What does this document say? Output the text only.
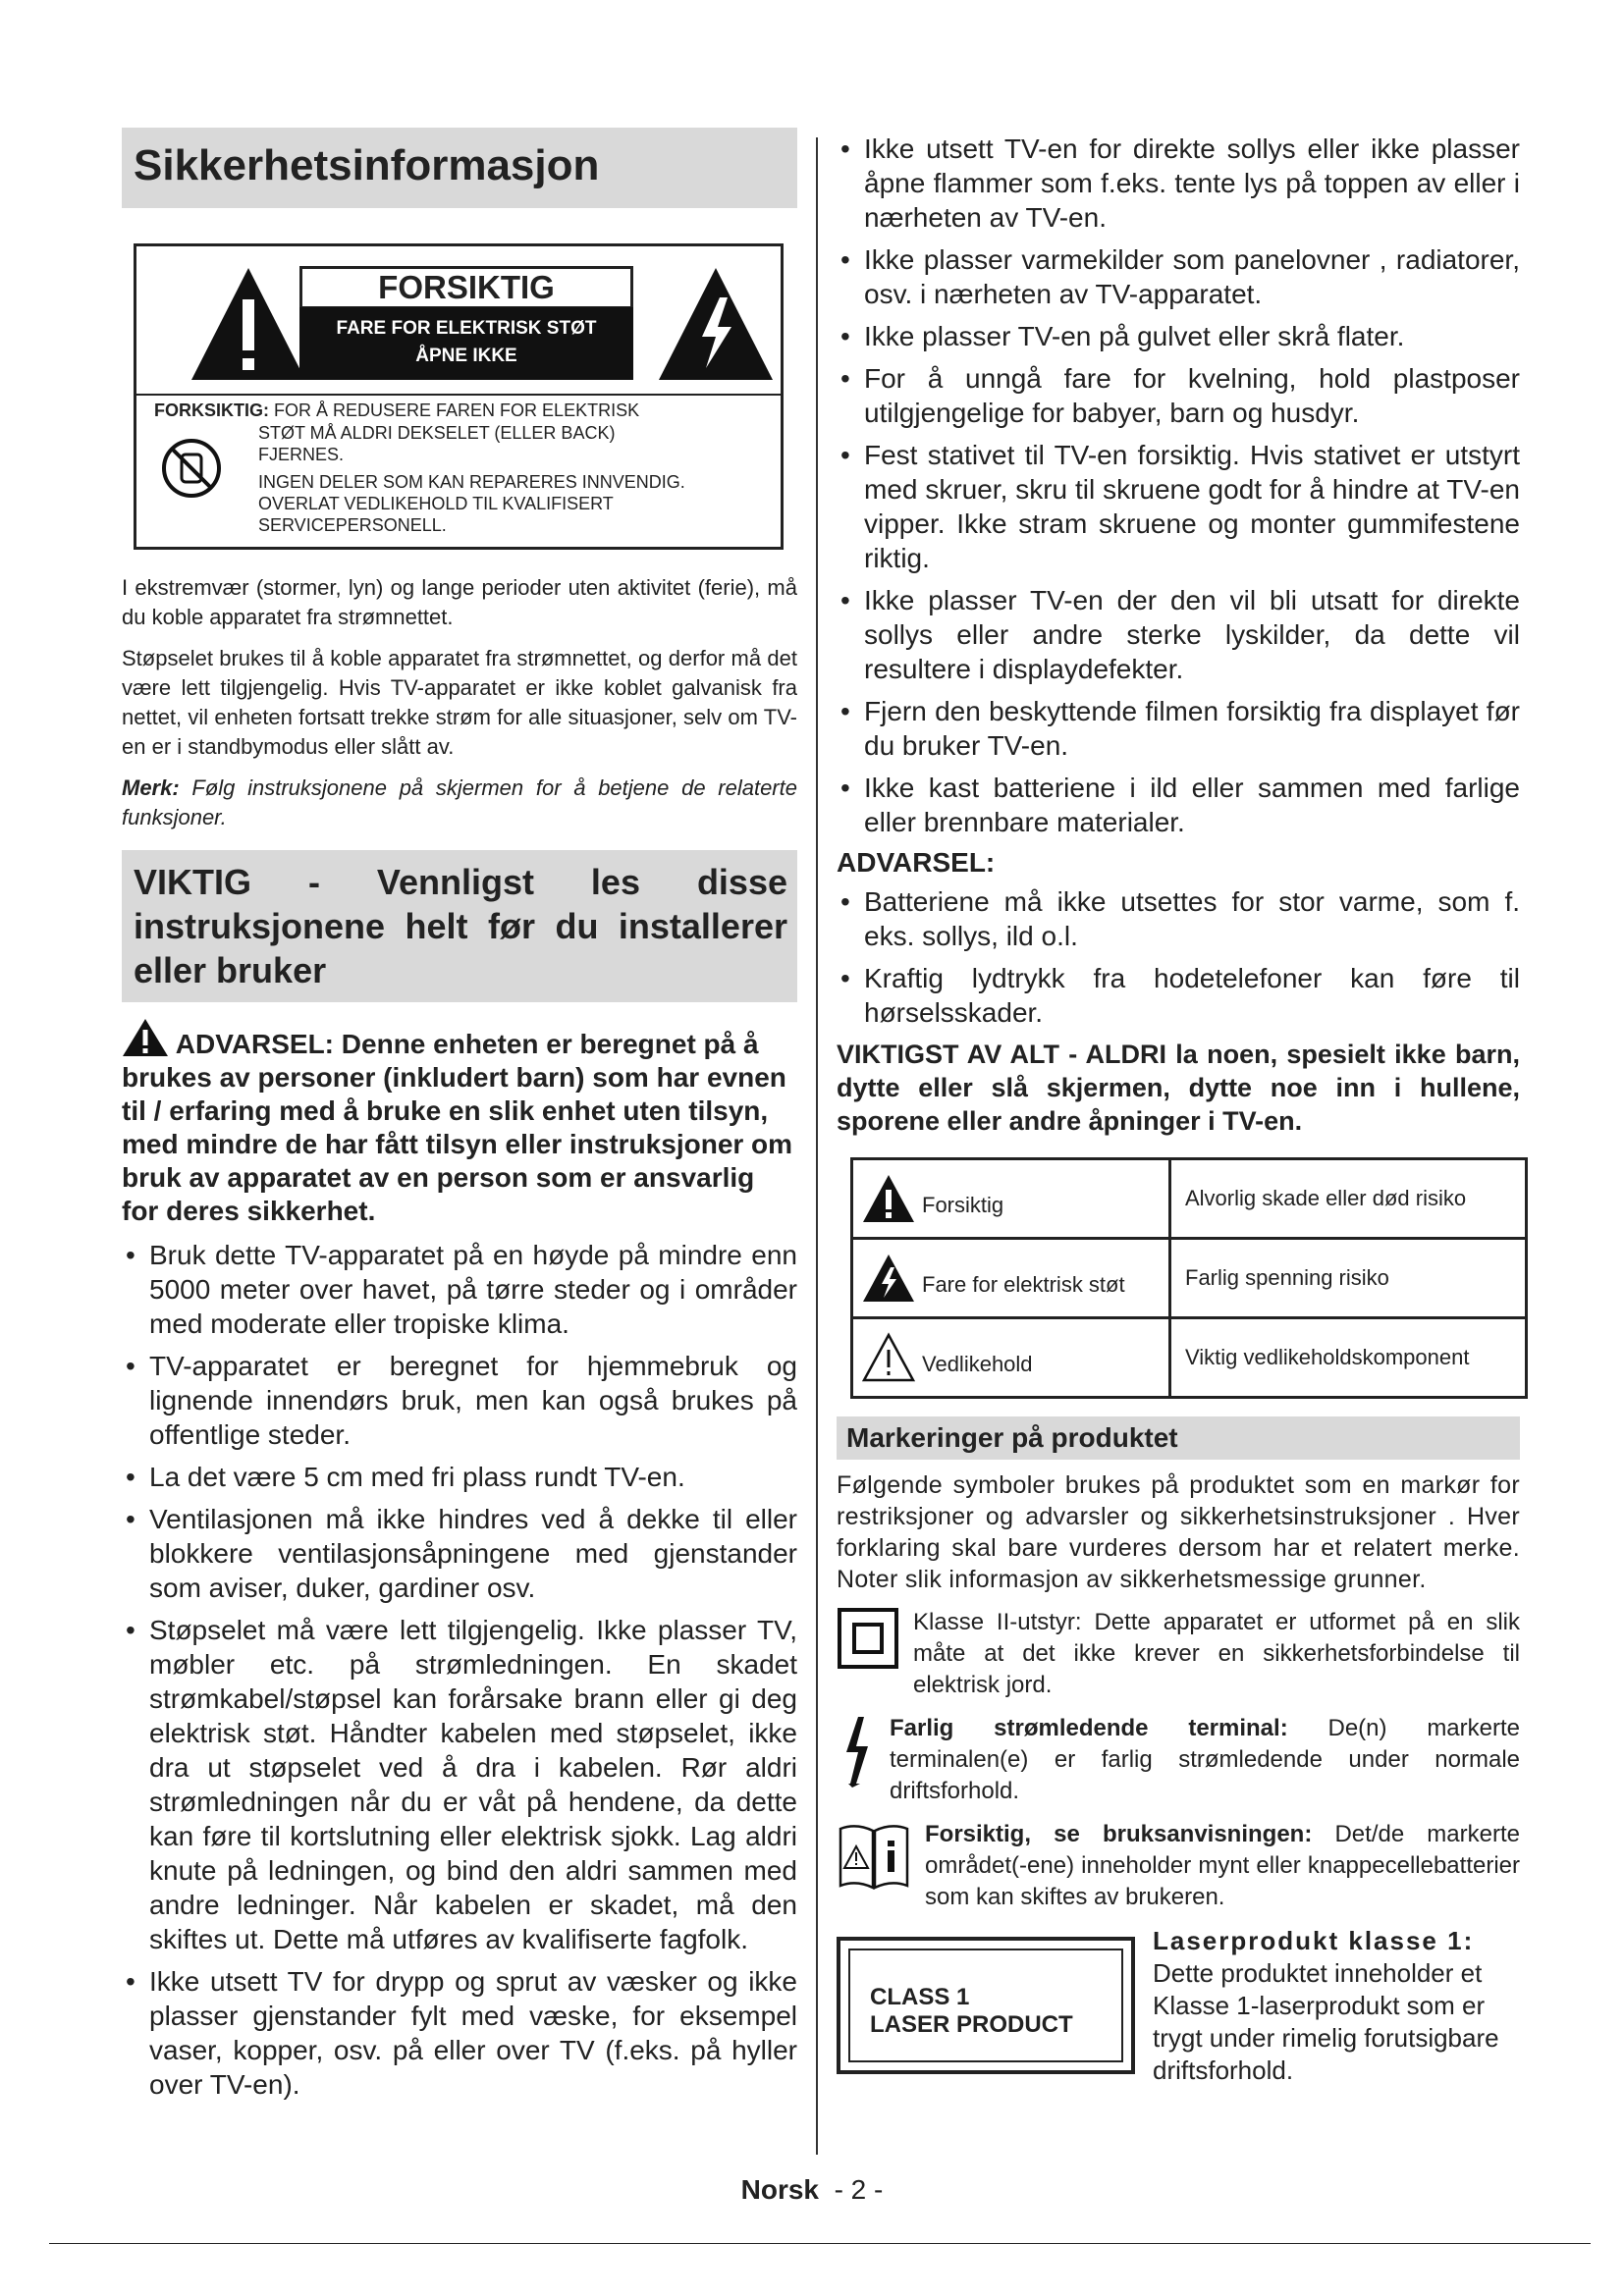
Sikkerhetsinformasjon
FORSIKTIG
FARE FOR ELEKTRISK STØT
ÅPNE IKKE
FORKSIKTIG: FOR Å REDUSERE FAREN FOR ELEKTRISK
STØT MÅ ALDRI DEKSELET (ELLER BACK)
FJERNES.
INGEN DELER SOM KAN REPARERES INNVENDIG.
OVERLAT VEDLIKEHOLD TIL KVALIFISERT
SERVICEPERSONELL.

I ekstremvær (stormer, lyn) og lange perioder uten aktivitet (ferie), må du koble apparatet fra strømnettet.

Støpselet brukes til å koble apparatet fra strømnettet, og derfor må det være lett tilgjengelig. Hvis TV-apparatet er ikke koblet galvanisk fra nettet, vil enheten fortsatt trekke strøm for alle situasjoner, selv om TV-en er i standbymodus eller slått av.

Merk: Følg instruksjonene på skjermen for å betjene de relaterte funksjoner.

VIKTIG - Vennligst les disse instruksjonene helt før du installerer eller bruker

ADVARSEL: Denne enheten er beregnet på å brukes av personer (inkludert barn) som har evnen til / erfaring med å bruke en slik enhet uten tilsyn, med mindre de har fått tilsyn eller instruksjoner om bruk av apparatet av en person som er ansvarlig for deres sikkerhet.

• Bruk dette TV-apparatet på en høyde på mindre enn 5000 meter over havet, på tørre steder og i områder med moderate eller tropiske klima.
• TV-apparatet er beregnet for hjemmebruk og lignende innendørs bruk, men kan også brukes på offentlige steder.
• La det være 5 cm med fri plass rundt TV-en.
• Ventilasjonen må ikke hindres ved å dekke til eller blokkere ventilasjonsåpningene med gjenstander som aviser, duker, gardiner osv.
• Støpselet må være lett tilgjengelig. Ikke plasser TV, møbler etc. på strømledningen. En skadet strømkabel/støpsel kan forårsake brann eller gi deg elektrisk støt. Håndter kabelen med støpselet, ikke dra ut støpselet ved å dra i kabelen. Rør aldri strømledningen når du er våt på hendene, da dette kan føre til kortslutning eller elektrisk sjokk. Lag aldri knute på ledningen, og bind den aldri sammen med andre ledninger. Når kabelen er skadet, må den skiftes ut. Dette må utføres av kvalifiserte fagfolk.
• Ikke utsett TV for drypp og sprut av væsker og ikke plasser gjenstander fylt med væske, for eksempel vaser, kopper, osv. på eller over TV (f.eks. på hyller over TV-en).
• Ikke utsett TV-en for direkte sollys eller ikke plasser åpne flammer som f.eks. tente lys på toppen av eller i nærheten av TV-en.
• Ikke plasser varmekilder som panelovner , radiatorer, osv. i nærheten av TV-apparatet.
• Ikke plasser TV-en på gulvet eller skrå flater.
• For å unngå fare for kvelning, hold plastposer utilgjengelige for babyer, barn og husdyr.
• Fest stativet til TV-en forsiktig. Hvis stativet er utstyrt med skruer, skru til skruene godt for å hindre at TV-en vipper. Ikke stram skruene og monter gummifestene riktig.
• Ikke plasser TV-en der den vil bli utsatt for direkte sollys eller andre sterke lyskilder, da dette vil resultere i displaydefekter.
• Fjern den beskyttende filmen forsiktig fra displayet før du bruker TV-en.
• Ikke kast batteriene i ild eller sammen med farlige eller brennbare materialer.
ADVARSEL:
• Batteriene må ikke utsettes for stor varme, som f. eks. sollys, ild o.l.
• Kraftig lydtrykk fra hodetelefoner kan føre til hørselsskader.

VIKTIGST AV ALT - ALDRI la noen, spesielt ikke barn, dytte eller slå skjermen, dytte noe inn i hullene, sporene eller andre åpninger i TV-en.

Forsiktig	Alvorlig skade eller død risiko

Fare for elektrisk støt	Farlig spenning risiko

Vedlikehold	Viktig vedlikeholdskomponent
Markeringer på produktet

Følgende symboler brukes på produktet som en markør for restriksjoner og advarsler og sikkerhetsinstruksjoner . Hver forklaring skal bare vurderes dersom har et relatert merke. Noter slik informasjon av sikkerhetsmessige grunner.

Klasse II-utstyr: Dette apparatet er utformet på en slik måte at det ikke krever en sikkerhetsforbindelse til elektrisk jord.

Farlig strømledende terminal: De(n) markerte terminalen(e) er farlig strømledende under normale driftsforhold.

Forsiktig, se bruksanvisningen: Det/de markerte området(-ene) inneholder mynt eller knappecellebatterier som kan skiftes av brukeren.

CLASS 1
LASER PRODUCT

Laserprodukt klasse 1:
Dette produktet inneholder et Klasse 1-laserprodukt som er trygt under rimelig forutsigbare driftsforhold.

Norsk - 2 -
